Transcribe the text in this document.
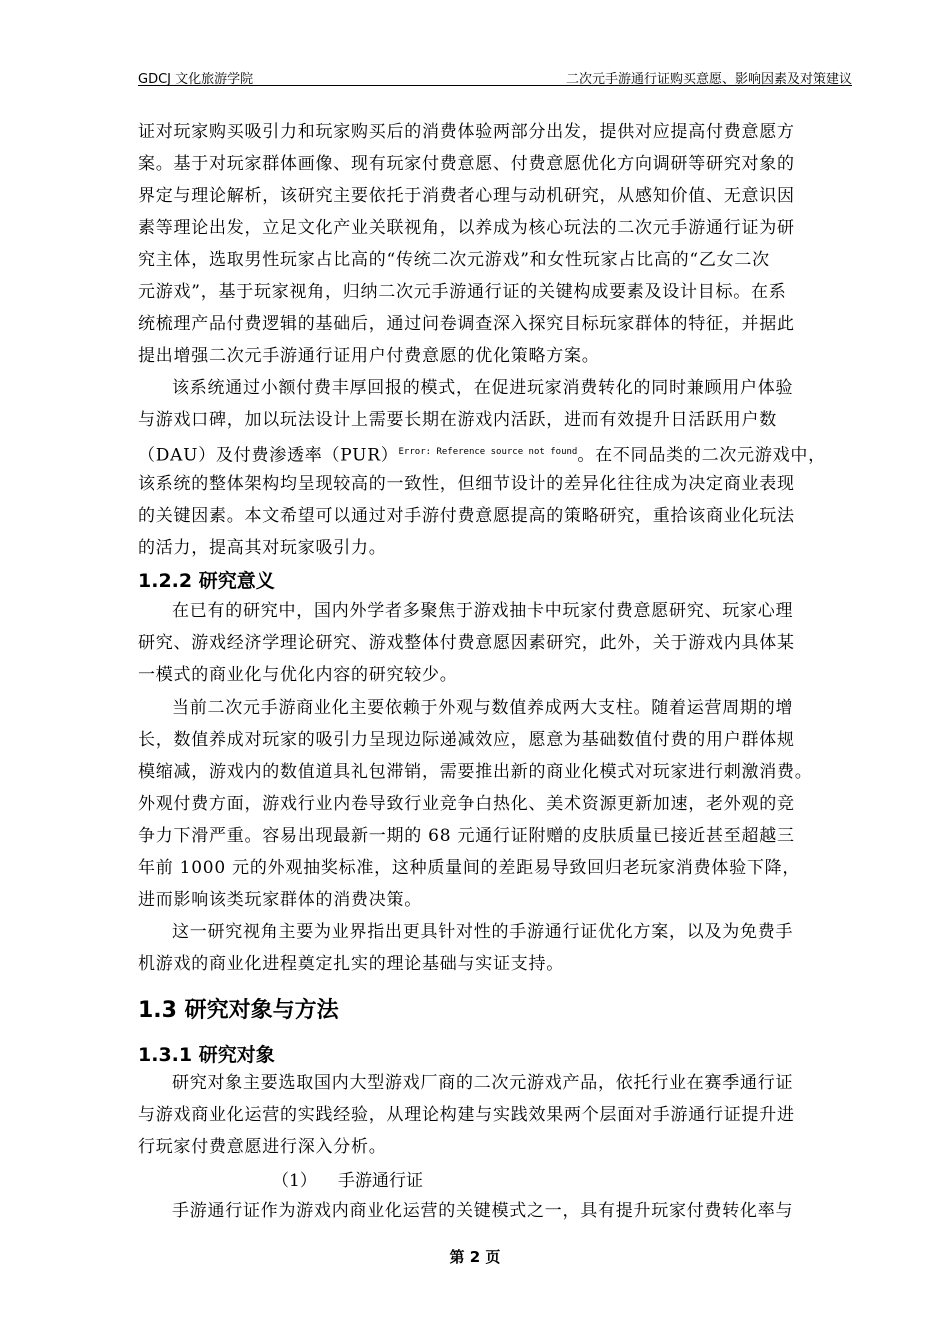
GDCJ 文化旅游学院	二次元手游通行证购买意愿、影响因素及对策建议
证对玩家购买吸引力和玩家购买后的消费体验两部分出发，提供对应提高付费意愿方
案。基于对玩家群体画像、现有玩家付费意愿、付费意愿优化方向调研等研究对象的
界定与理论解析，该研究主要依托于消费者心理与动机研究，从感知价值、无意识因
素等理论出发，立足文化产业关联视角，以养成为核心玩法的二次元手游通行证为研
究主体，选取男性玩家占比高的“传统二次元游戏”和女性玩家占比高的“乙女二次
元游戏”，基于玩家视角，归纳二次元手游通行证的关键构成要素及设计目标。在系
统梳理产品付费逻辑的基础后，通过问卷调查深入探究目标玩家群体的特征，并据此
提出增强二次元手游通行证用户付费意愿的优化策略方案。
该系统通过小额付费丰厚回报的模式，在促进玩家消费转化的同时兼顾用户体验
与游戏口碑，加以玩法设计上需要长期在游戏内活跃，进而有效提升日活跃用户数
（DAU）及付费渗透率（PUR）$^{Error: Reference source not found}$。在不同品类的二次元游戏中，
该系统的整体架构均呈现较高的一致性，但细节设计的差异化往往成为决定商业表现
的关键因素。本文希望可以通过对手游付费意愿提高的策略研究，重拾该商业化玩法
的活力，提高其对玩家吸引力。
1.2.2 研究意义
在已有的研究中，国内外学者多聚焦于游戏抽卡中玩家付费意愿研究、玩家心理
研究、游戏经济学理论研究、游戏整体付费意愿因素研究，此外，关于游戏内具体某
一模式的商业化与优化内容的研究较少。
当前二次元手游商业化主要依赖于外观与数值养成两大支柱。随着运营周期的增
长，数值养成对玩家的吸引力呈现边际递减效应，愿意为基础数值付费的用户群体规
模缩减，游戏内的数值道具礼包滞销，需要推出新的商业化模式对玩家进行刺激消费。
外观付费方面，游戏行业内卷导致行业竞争白热化、美术资源更新加速，老外观的竞
争力下滑严重。容易出现最新一期的 68 元通行证附赠的皮肤质量已接近甚至超越三
年前 1000 元的外观抽奖标准，这种质量间的差距易导致回归老玩家消费体验下降，
进而影响该类玩家群体的消费决策。
这一研究视角主要为业界指出更具针对性的手游通行证优化方案，以及为免费手
机游戏的商业化进程奠定扎实的理论基础与实证支持。
1.3 研究对象与方法
1.3.1 研究对象
研究对象主要选取国内大型游戏厂商的二次元游戏产品，依托行业在赛季通行证
与游戏商业化运营的实践经验，从理论构建与实践效果两个层面对手游通行证提升进
行玩家付费意愿进行深入分析。
（1） 手游通行证
手游通行证作为游戏内商业化运营的关键模式之一，具有提升玩家付费转化率与
第 2 页
